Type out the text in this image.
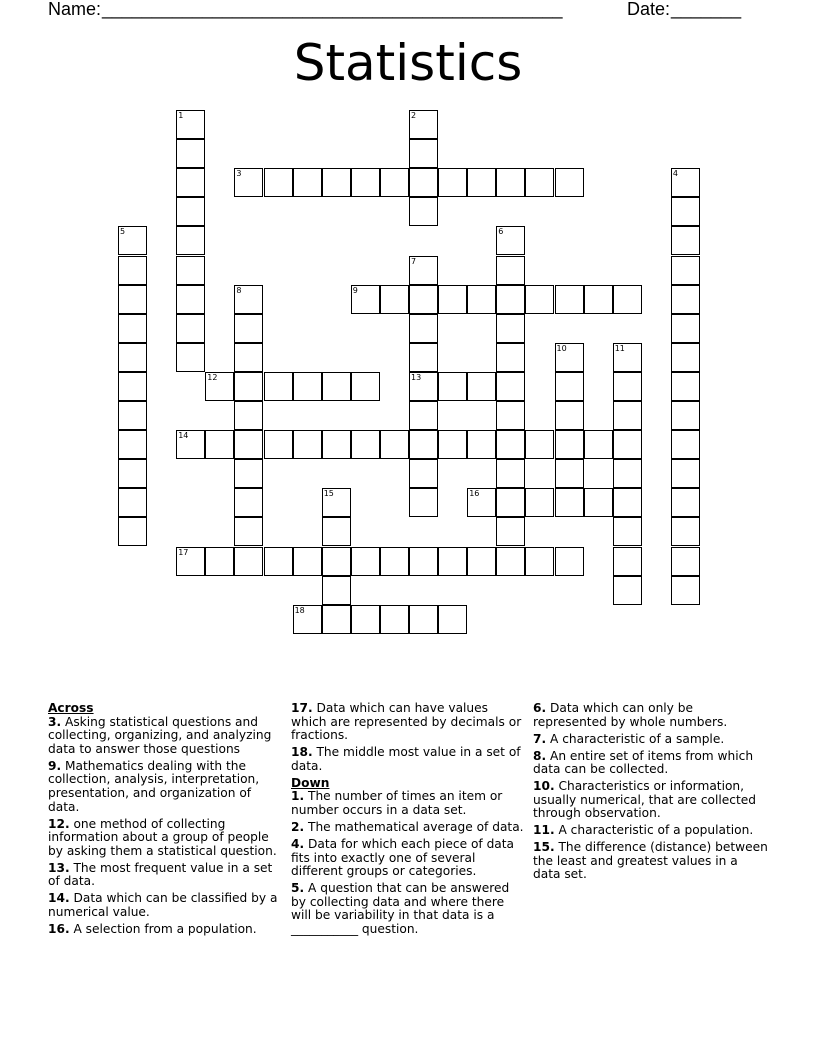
Name: ______________________________________________	Date: _______
Statistics
1	2
3	4
5	6
7
8	9
10	11
12	13
14
15	16
17
18

Across

3. Asking statistical questions and collecting, organizing, and analyzing data to answer those questions

9. Mathematics dealing with the collection, analysis, interpretation, presentation, and organization of data.

12. one method of collecting information about a group of people by asking them a statistical question.

13. The most frequent value in a set of data.

14. Data which can be classified by a numerical value.

16. A selection from a population.

17. Data which can have values which are represented by decimals or fractions.

18. The middle most value in a set of data.

Down

1. The number of times an item or number occurs in a data set.

2. The mathematical average of data.

4. Data for which each piece of data fits into exactly one of several different groups or categories.

5. A question that can be answered by collecting data and where there will be variability in that data is a ___________ question.

6. Data which can only be represented by whole numbers.

7. A characteristic of a sample.

8. An entire set of items from which data can be collected.

10. Characteristics or information, usually numerical, that are collected through observation.

11. A characteristic of a population.

15. The difference (distance) between the least and greatest values in a data set.
